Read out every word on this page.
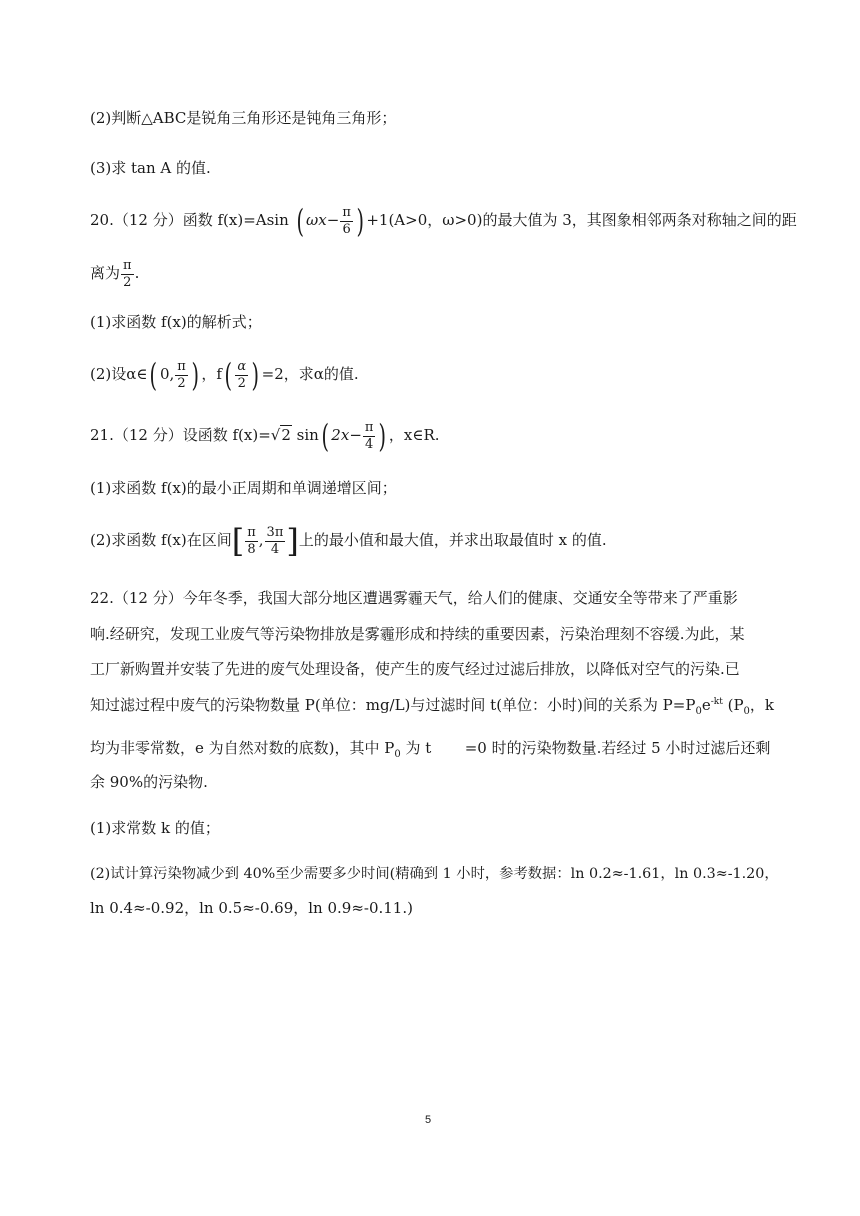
(2)判断△ABC是锐角三角形还是钝角三角形；
(3)求 tan A 的值.
20.（12 分）函数 f(x)=Asin ( $\omega x- \frac{\pi}{6}$ ) +1(A>0，ω>0)的最大值为 3，其图象相邻两条对称轴之间的距
离为 $\frac{\pi}{2}$ .
(1)求函数 f(x)的解析式；
(2)设α∈( 0, $\frac{\pi}{2}$ ) ，$f( \frac{\alpha}{2}$ ) =2，求α的值.
21.（12 分）设函数 f(x)=√2 sin( $2x- \frac{\pi}{4}$ ) ，x∈R.
(1)求函数 f(x)的最小正周期和单调递增区间；
(2)求函数 f(x)在区间[ $\frac{\pi}{8}$ , $\frac{3\pi}{4}$ ]上的最小值和最大值，并求出取最值时 x 的值.
22.（12 分）今年冬季，我国大部分地区遭遇雾霾天气，给人们的健康、交通安全等带来了严重影
响.经研究，发现工业废气等污染物排放是雾霾形成和持续的重要因素，污染治理刻不容缓.为此，某
工厂新购置并安装了先进的废气处理设备，使产生的废气经过过滤后排放，以降低对空气的污染.已
知过滤过程中废气的污染物数量 P(单位：mg/L)与过滤时间 t(单位：小时)间的关系为 $P=P_0e^{-kt}$ ($P_0$，k
均为非零常数，e 为自然对数的底数)，其中 $P_0$ 为 t       =0 时的污染物数量.若经过 5 小时过滤后还剩
余 90%的污染物.
(1)求常数 k 的值；
(2)试计算污染物减少到 40%至少需要多少时间(精确到 1 小时，参考数据：ln 0.2≈-1.61，ln 0.3≈-1.20，
ln 0.4≈-0.92，ln 0.5≈-0.69，ln 0.9≈-0.11.)
5
